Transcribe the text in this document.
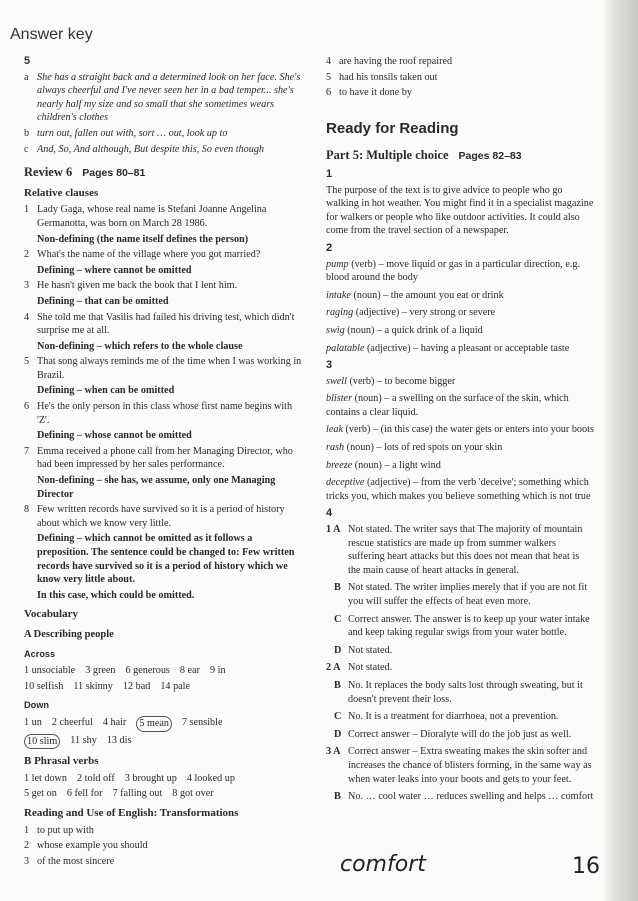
Answer key
5
a She has a straight back and a determined look on her face. She's always cheerful and I've never seen her in a bad temper... she's nearly half my size and so small that she sometimes wears children's clothes
b turn out, fallen out with, sort … out, look up to
c And, So, And although, But despite this, So even though
Review 6 Pages 80–81
Relative clauses
1 Lady Gaga, whose real name is Stefani Joanne Angelina Germanotta, was born on March 28 1986.
Non-defining (the name itself defines the person)
2 What's the name of the village where you got married?
Defining – where cannot be omitted
3 He hasn't given me back the book that I lent him.
Defining – that can be omitted
4 She told me that Vasilis had failed his driving test, which didn't surprise me at all.
Non-defining – which refers to the whole clause
5 That song always reminds me of the time when I was working in Brazil.
Defining – when can be omitted
6 He's the only person in this class whose first name begins with 'Z'.
Defining – whose cannot be omitted
7 Emma received a phone call from her Managing Director, who had been impressed by her sales performance.
Non-defining – she has, we assume, only one Managing Director
8 Few written records have survived so it is a period of history about which we know very little.
Defining – which cannot be omitted as it follows a preposition. The sentence could be changed to: Few written records have survived so it is a period of history which we know very little about.
In this case, which could be omitted.
Vocabulary
A Describing people
Across
1 unsociable 3 green 6 generous 8 ear 9 in
10 selfish 11 skinny 12 bad 14 pale
Down
1 un 2 cheerful 4 hair 5 mean 7 sensible
10 slim 11 shy 13 dis
B Phrasal verbs
1 let down 2 told off 3 brought up 4 looked up
5 get on 6 fell for 7 falling out 8 got over
Reading and Use of English: Transformations
1 to put up with
2 whose example you should
3 of the most sincere
4 are having the roof repaired
5 had his tonsils taken out
6 to have it done by
Ready for Reading
Part 5: Multiple choice Pages 82–83
1
The purpose of the text is to give advice to people who go walking in hot weather. You might find it in a specialist magazine for walkers or people who like outdoor activities. It could also come from the travel section of a newspaper.
2
pump (verb) – move liquid or gas in a particular direction, e.g. blood around the body
intake (noun) – the amount you eat or drink
raging (adjective) – very strong or severe
swig (noun) – a quick drink of a liquid
palatable (adjective) – having a pleasant or acceptable taste
3
swell (verb) – to become bigger
blister (noun) – a swelling on the surface of the skin, which contains a clear liquid.
leak (verb) – (in this case) the water gets or enters into your boots
rash (noun) – lots of red spots on your skin
breeze (noun) – a light wind
deceptive (adjective) – from the verb 'deceive'; something which tricks you, which makes you believe something which is not true
4
1 A Not stated. The writer says that The majority of mountain rescue statistics are made up from summer walkers suffering heart attacks but this does not mean that heat is the main cause of heart attacks in general.
B Not stated. The writer implies merely that if you are not fit you will suffer the effects of heat even more.
C Correct answer. The answer is to keep up your water intake and keep taking regular swigs from your water bottle.
D Not stated.
2 A Not stated.
B No. It replaces the body salts lost through sweating, but it doesn't prevent their loss.
C No. It is a treatment for diarrhoea, not a prevention.
D Correct answer – Dioralyte will do the job just as well.
3 A Correct answer – Extra sweating makes the skin softer and increases the chance of blisters forming, in the same way as when water leaks into your boots and gets to your feet.
B No. … cool water … reduces swelling and helps … comfort
comfort	16
